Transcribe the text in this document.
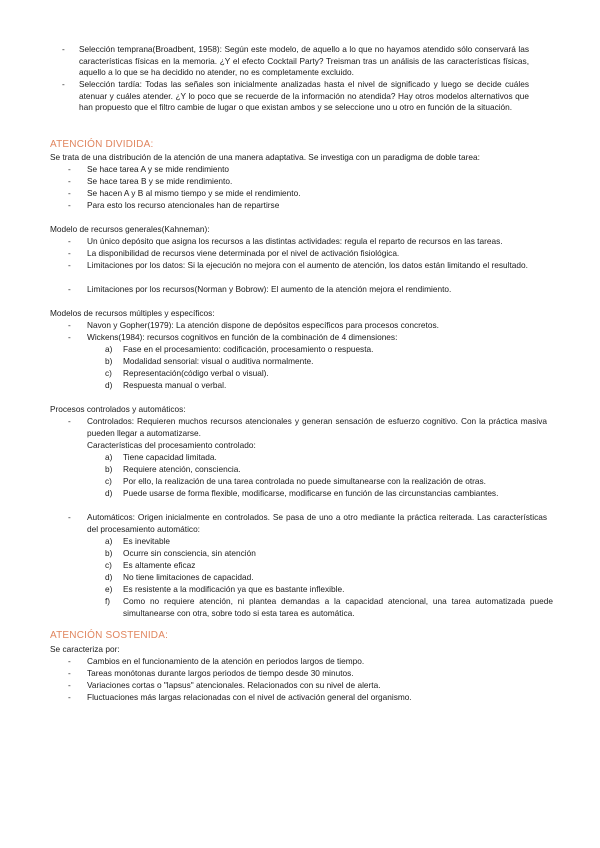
- Selección temprana(Broadbent, 1958): Según este modelo, de aquello a lo que no hayamos atendido sólo conservará las características físicas en la memoria. ¿Y el efecto Cocktail Party? Treisman tras un análisis de las características físicas, aquello a lo que se ha decidido no atender, no es completamente excluido.

- Selección tardía: Todas las señales son inicialmente analizadas hasta el nivel de significado y luego se decide cuáles atenuar y cuáles atender. ¿Y lo poco que se recuerde de la información no atendida? Hay otros modelos alternativos que han propuesto que el filtro cambie de lugar o que existan ambos y se seleccione uno u otro en función de la situación.

ATENCIÓN DIVIDIDA:

Se trata de una distribución de la atención de una manera adaptativa. Se investiga con un paradigma de doble tarea:

- Se hace tarea A y se mide rendimiento

- Se hace tarea B y se mide rendimiento.

- Se hacen A y B al mismo tiempo y se mide el rendimiento.

- Para esto los recurso atencionales han de repartirse

Modelo de recursos generales(Kahneman):

- Un único depósito que asigna los recursos a las distintas actividades: regula el reparto de recursos en las tareas.

- La disponibilidad de recursos viene determinada por el nivel de activación fisiológica.

- Limitaciones por los datos: Si la ejecución no mejora con el aumento de atención, los datos están limitando el resultado.

- Limitaciones por los recursos(Norman y Bobrow): El aumento de la atención mejora el rendimiento.

Modelos de recursos múltiples y específicos:

- Navon y Gopher(1979): La atención dispone de depósitos específicos para procesos concretos.

- Wickens(1984): recursos cognitivos en función de la combinación de 4 dimensiones:

a) Fase en el procesamiento: codificación, procesamiento o respuesta.

b) Modalidad sensorial: visual o auditiva normalmente.

c) Representación(código verbal o visual).

d) Respuesta manual o verbal.

Procesos controlados y automáticos:

- Controlados: Requieren muchos recursos atencionales y generan sensación de esfuerzo cognitivo. Con la práctica masiva pueden llegar a automatizarse.

Características del procesamiento controlado:

a) Tiene capacidad limitada.

b) Requiere atención, consciencia.

c) Por ello, la realización de una tarea controlada no puede simultanearse con la realización de otras.

d) Puede usarse de forma flexible, modificarse, modificarse en función de las circunstancias cambiantes.

- Automáticos: Origen inicialmente en controlados. Se pasa de uno a otro mediante la práctica reiterada. Las características del procesamiento automático:

a) Es inevitable

b) Ocurre sin consciencia, sin atención

c) Es altamente eficaz

d) No tiene limitaciones de capacidad.

e) Es resistente a la modificación ya que es bastante inflexible.

f) Como no requiere atención, ni plantea demandas a la capacidad atencional, una tarea automatizada puede simultanearse con otra, sobre todo si esta tarea es automática.

ATENCIÓN SOSTENIDA:

Se caracteriza por:

- Cambios en el funcionamiento de la atención en periodos largos de tiempo.

- Tareas monótonas durante largos periodos de tiempo desde 30 minutos.

- Variaciones cortas o "lapsus" atencionales. Relacionados con su nivel de alerta.

- Fluctuaciones más largas relacionadas con el nivel de activación general del organismo.
